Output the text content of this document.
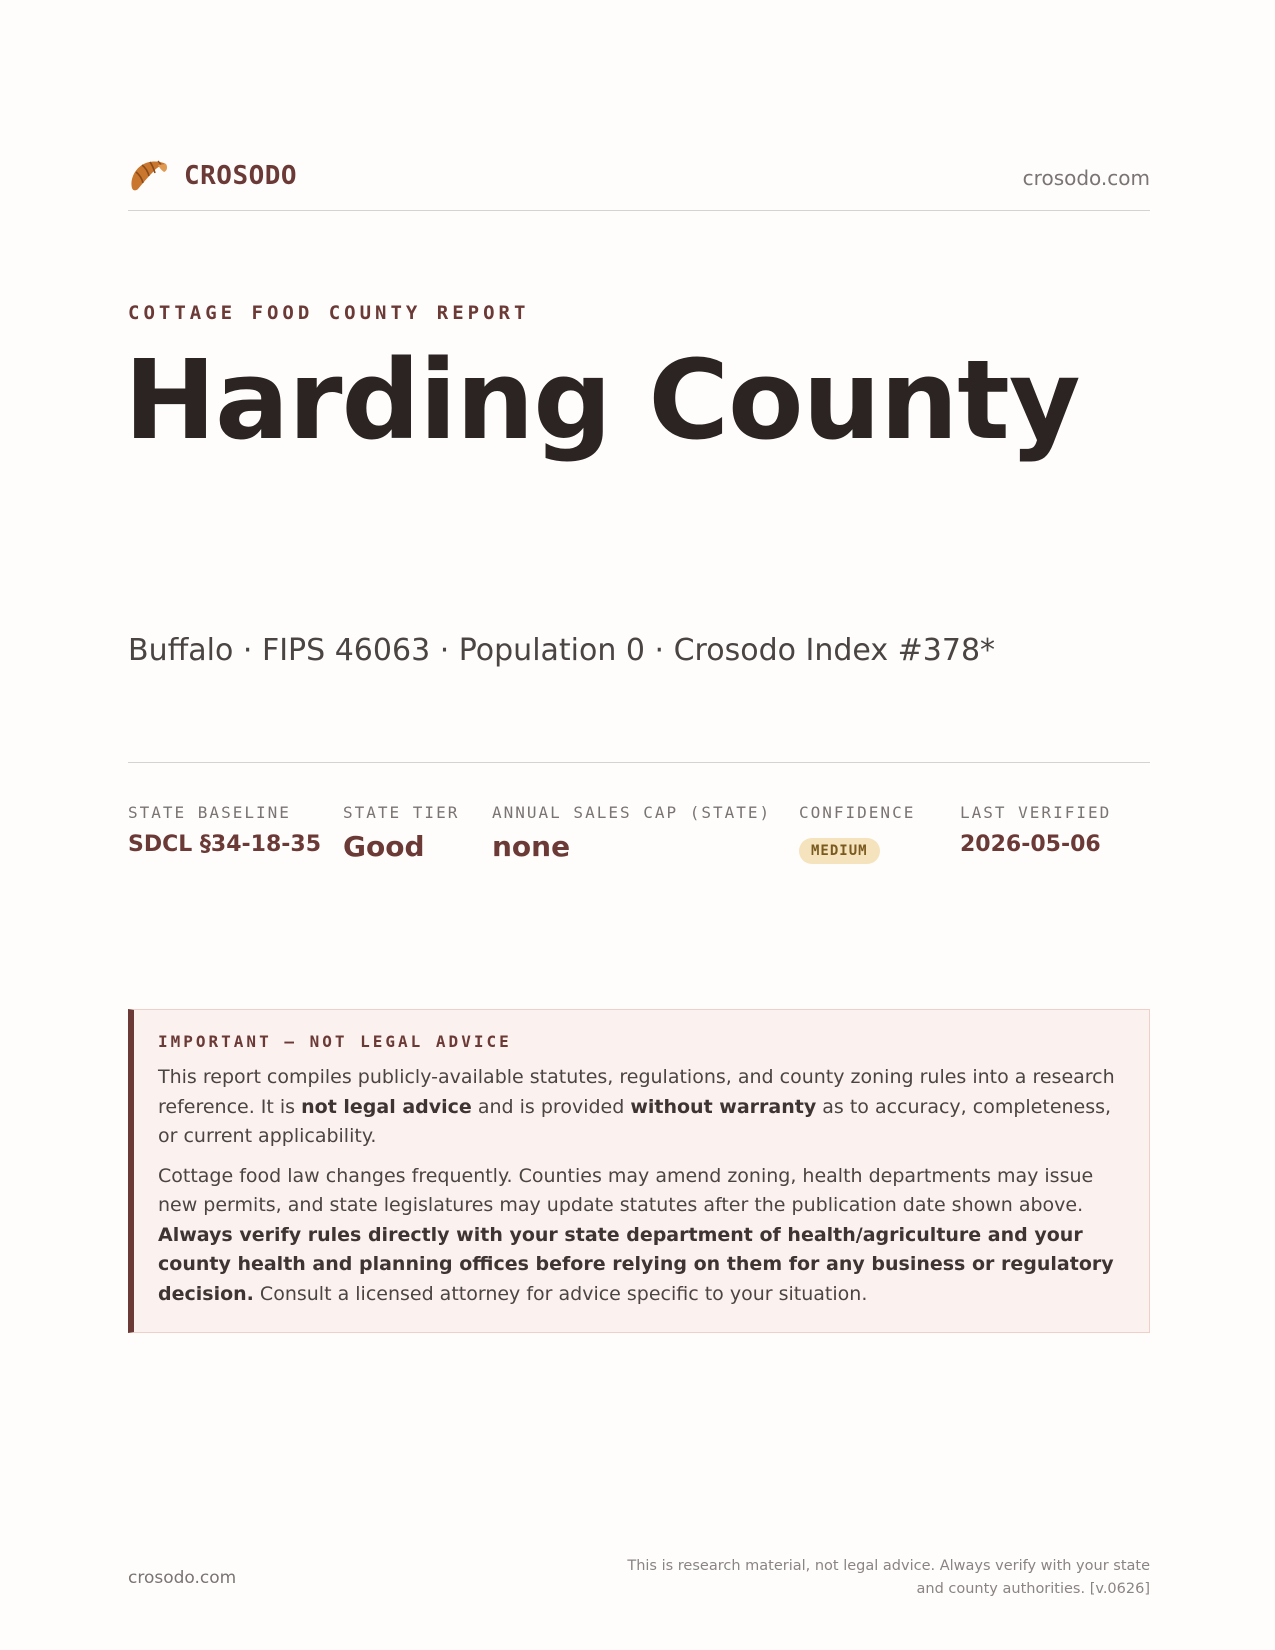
CROSODO	crosodo.com
COTTAGE FOOD COUNTY REPORT
Harding County
Buffalo · FIPS 46063 · Population 0 · Crosodo Index #378*
STATE BASELINE
SDCL §34-18-35
STATE TIER
Good
ANNUAL SALES CAP (STATE)
none
CONFIDENCE
MEDIUM
LAST VERIFIED
2026-05-06
IMPORTANT — NOT LEGAL ADVICE

This report compiles publicly-available statutes, regulations, and county zoning rules into a research reference. It is not legal advice and is provided without warranty as to accuracy, completeness, or current applicability.

Cottage food law changes frequently. Counties may amend zoning, health departments may issue new permits, and state legislatures may update statutes after the publication date shown above. Always verify rules directly with your state department of health/agriculture and your county health and planning offices before relying on them for any business or regulatory decision. Consult a licensed attorney for advice specific to your situation.

crosodo.com
This is research material, not legal advice. Always verify with your state
and county authorities. [v.0626]
